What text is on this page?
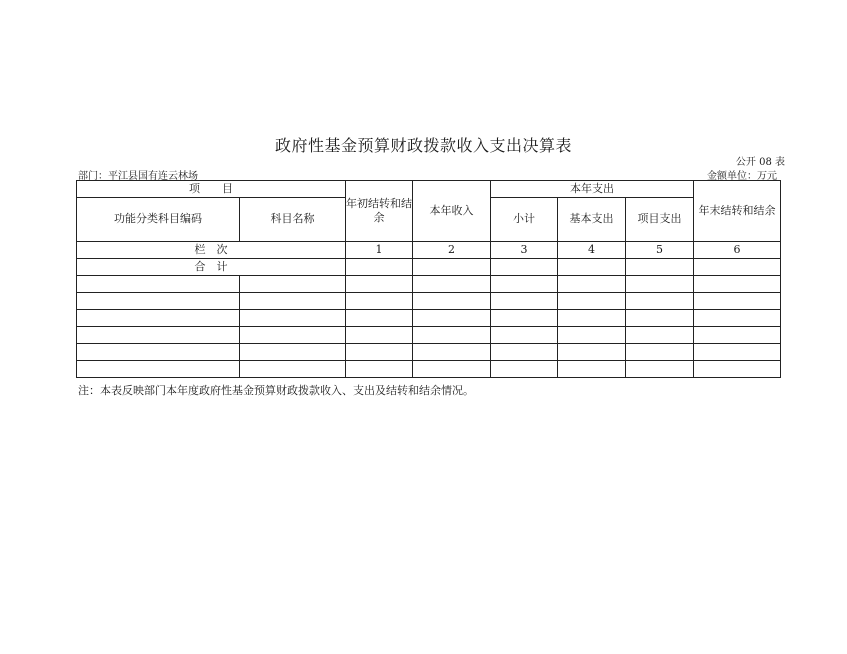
政府性基金预算财政拨款收入支出决算表
公开 08 表
部门：平江县国有连云林场	金额单位：万元
项　　目		年初结转和结余	本年收入	本年支出			年末结转和结余
功能分类科目编码	科目名称			小计	基本支出	项目支出	
栏　次		1	2	3	4	5	6
合　计							

注：本表反映部门本年度政府性基金预算财政拨款收入、支出及结转和结余情况。
